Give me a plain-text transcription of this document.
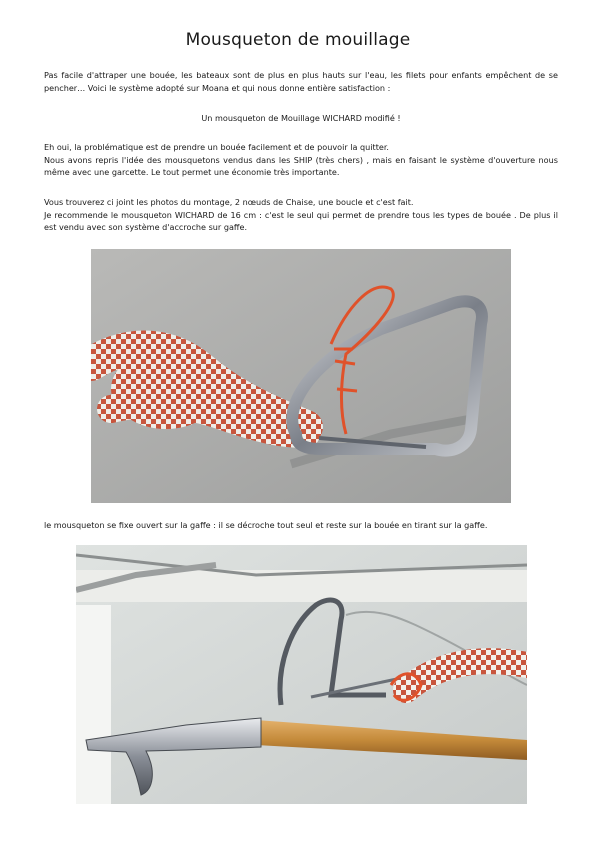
Mousqueton de mouillage

Pas facile d'attraper une bouée, les bateaux sont de plus en plus hauts sur l'eau, les filets pour enfants empêchent de se pencher… Voici le système adopté sur Moana et qui nous donne entière satisfaction :

Un mousqueton de Mouillage WICHARD modifié !

Eh oui, la problématique est de prendre un bouée facilement et de pouvoir la quitter.

Nous avons repris l'idée des mousquetons vendus dans les SHIP (très chers) , mais en faisant le système d'ouverture nous même avec une garcette. Le tout permet une économie très importante.

Vous trouverez ci joint les photos du montage, 2 nœuds de Chaise, une boucle et c'est fait.

Je recommende le mousqueton WICHARD de 16 cm : c'est le seul qui permet de prendre tous les types de bouée . De plus il est vendu avec son système d'accroche sur gaffe.

le mousqueton se fixe ouvert sur la gaffe : il se décroche tout seul et reste sur la bouée en tirant sur la gaffe.
